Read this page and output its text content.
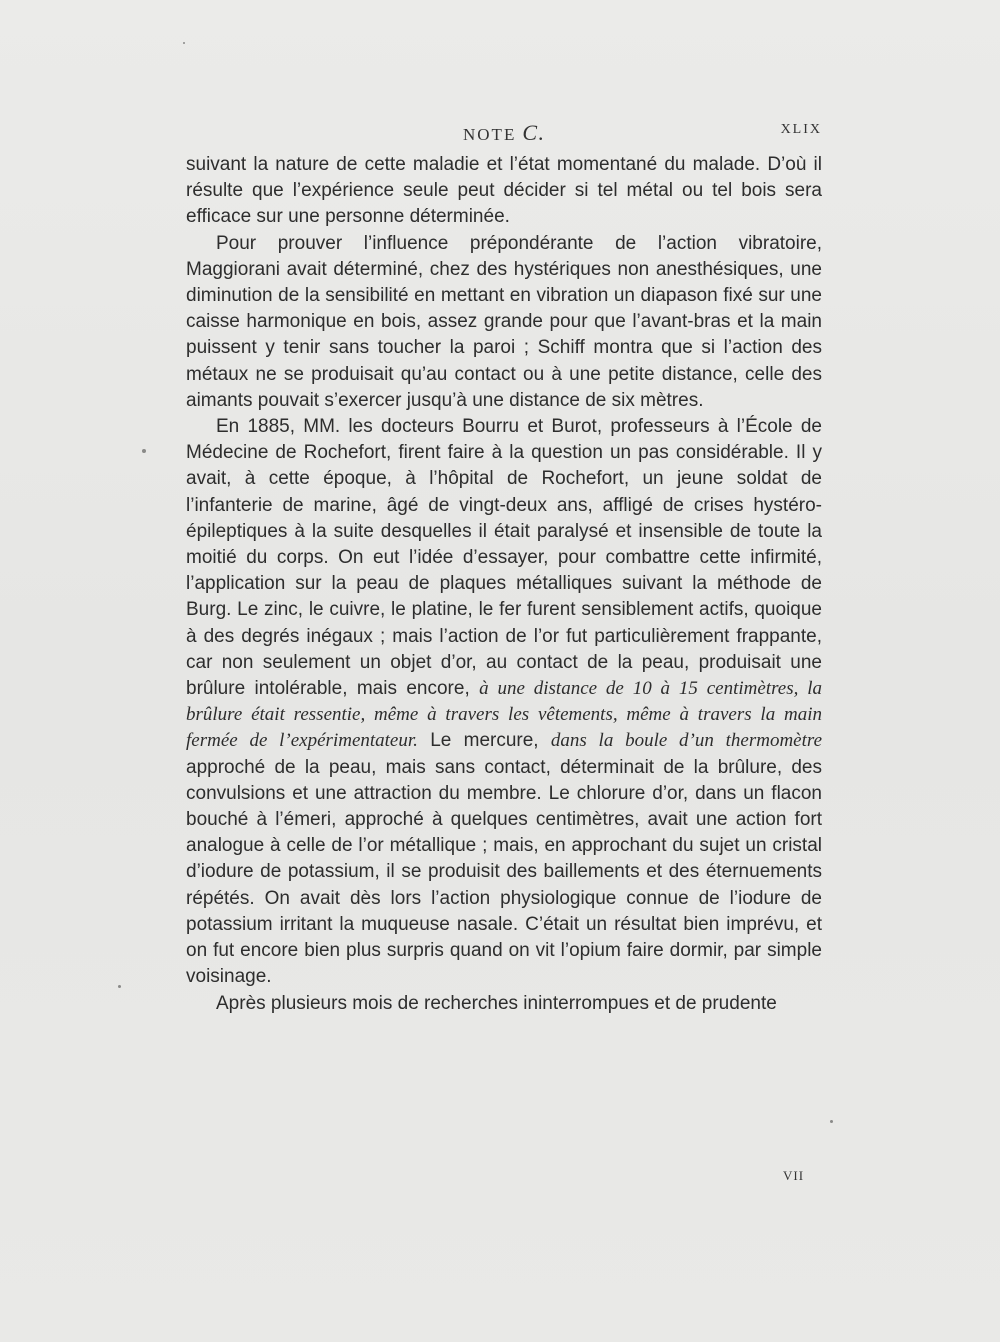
NOTE C.	XLIX

suivant la nature de cette maladie et l’état momentané du malade. D’où il résulte que l’expérience seule peut décider si tel métal ou tel bois sera efficace sur une personne déterminée.

Pour prouver l’influence prépondérante de l’action vibratoire, Maggiorani avait déterminé, chez des hystériques non anesthésiques, une diminution de la sensibilité en mettant en vibration un diapason fixé sur une caisse harmonique en bois, assez grande pour que l’avant-bras et la main puissent y tenir sans toucher la paroi ; Schiff montra que si l’action des métaux ne se produisait qu’au contact ou à une petite distance, celle des aimants pouvait s’exercer jusqu’à une distance de six mètres.

En 1885, MM. les docteurs Bourru et Burot, professeurs à l’École de Médecine de Rochefort, firent faire à la question un pas considérable. Il y avait, à cette époque, à l’hôpital de Rochefort, un jeune soldat de l’infanterie de marine, âgé de vingt-deux ans, affligé de crises hystéro-épileptiques à la suite desquelles il était paralysé et insensible de toute la moitié du corps. On eut l’idée d’essayer, pour combattre cette infirmité, l’application sur la peau de plaques métalliques suivant la méthode de Burg. Le zinc, le cuivre, le platine, le fer furent sensiblement actifs, quoique à des degrés inégaux ; mais l’action de l’or fut particulièrement frappante, car non seulement un objet d’or, au contact de la peau, produisait une brûlure intolérable, mais encore, à une distance de 10 à 15 centimètres, la brûlure était ressentie, même à travers les vêtements, même à travers la main fermée de l’expérimentateur. Le mercure, dans la boule d’un thermomètre approché de la peau, mais sans contact, déterminait de la brûlure, des convulsions et une attraction du membre. Le chlorure d’or, dans un flacon bouché à l’émeri, approché à quelques centimètres, avait une action fort analogue à celle de l’or métallique ; mais, en approchant du sujet un cristal d’iodure de potassium, il se produisit des baillements et des éternuements répétés. On avait dès lors l’action physiologique connue de l’iodure de potassium irritant la muqueuse nasale. C’était un résultat bien imprévu, et on fut encore bien plus surpris quand on vit l’opium faire dormir, par simple voisinage.

Après plusieurs mois de recherches ininterrompues et de prudente

VII
